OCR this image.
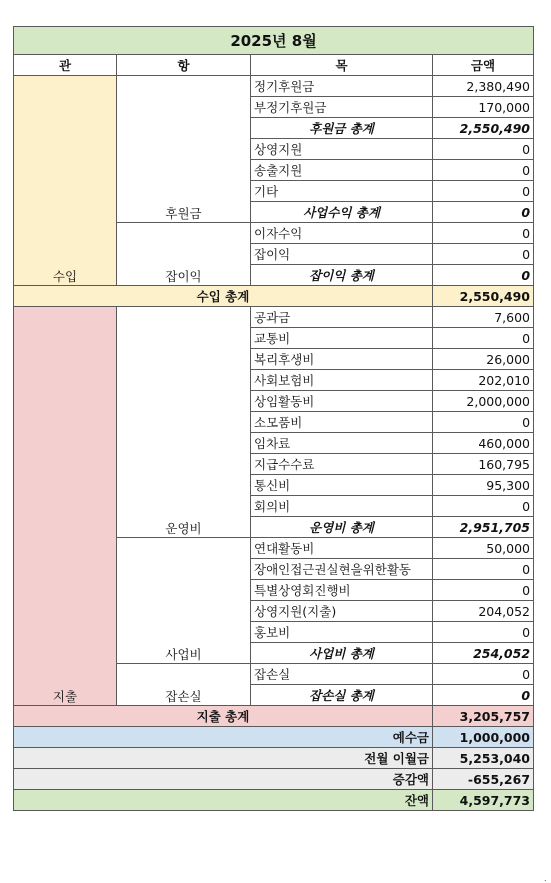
2025년 8월			
관	항	목	금액
수입	후원금	정기후원금	2,380,490
		부정기후원금	170,000
		후원금 총계	2,550,490
		상영지원	0
		송출지원	0
		기타	0
		사업수익 총계	0
	잡이익	이자수익	0
		잡이익	0
		잡이익 총계	0
수입 총계			2,550,490
지출	운영비	공과금	7,600
		교통비	0
		복리후생비	26,000
		사회보험비	202,010
		상임활동비	2,000,000
		소모품비	0
		임차료	460,000
		지급수수료	160,795
		통신비	95,300
		회의비	0
		운영비 총계	2,951,705
	사업비	연대활동비	50,000
		장애인접근권실현을위한활동	0
		특별상영회진행비	0
		상영지원(지출)	204,052
		홍보비	0
		사업비 총계	254,052
	잡손실	잡손실	0
		잡손실 총계	0
지출 총계			3,205,757
예수금			1,000,000
전월 이월금			5,253,040
증감액			-655,267
잔액			4,597,773
.
